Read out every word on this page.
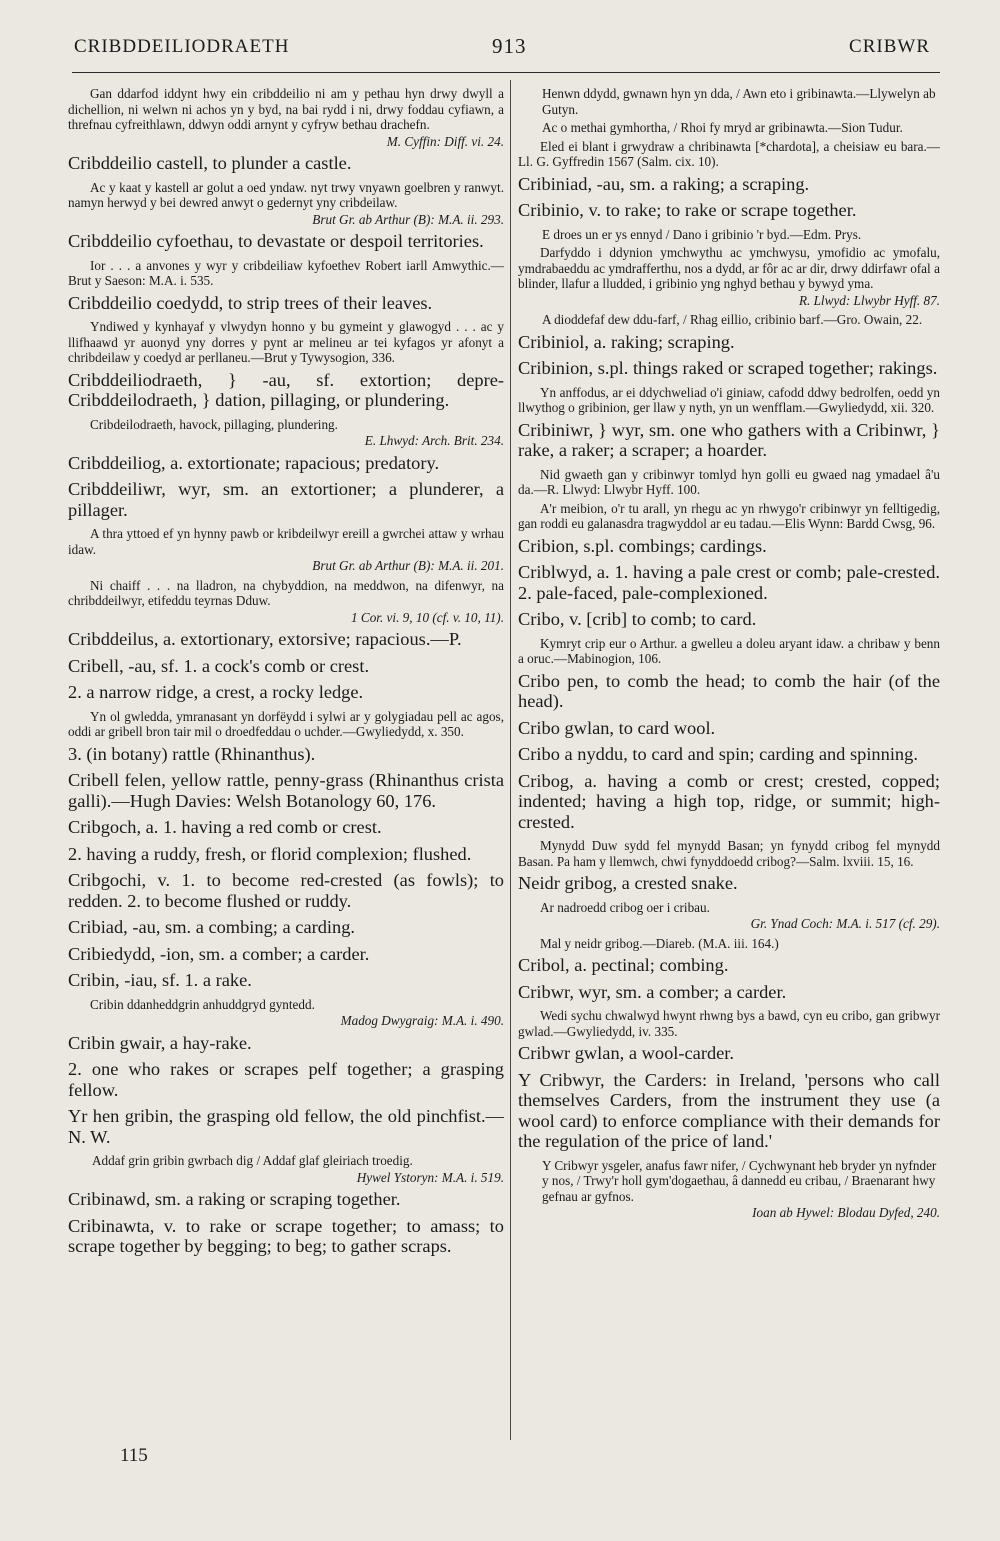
CRIBDDEILIODRAETH	913	CRIBWR

Gan ddarfod iddynt hwy ein cribddeilio ni am y pethau hyn drwy dwyll a dichellion, ni welwn ni achos yn y byd, na bai rydd i ni, drwy foddau cyfiawn, a threfnau cyfreithlawn, ddwyn oddi arnynt y cyfryw bethau drachefn.

M. Cyffin: Diff. vi. 24.

Cribddeilio castell, to plunder a castle.

Ac y kaat y kastell ar golut a oed yndaw. nyt trwy vnyawn goelbren y ranwyt. namyn herwyd y bei dewred anwyt o gedernyt yny cribdeilaw.

Brut Gr. ab Arthur (B): M.A. ii. 293.

Cribddeilio cyfoethau, to devastate or despoil territories.

Ior . . . a anvones y wyr y cribdeiliaw kyfoethev Robert iarll Amwythic.—Brut y Saeson: M.A. i. 535.

Cribddeilio coedydd, to strip trees of their leaves.

Yndiwed y kynhayaf y vlwydyn honno y bu gymeint y glawogyd . . . ac y llifhaawd yr auonyd yny dorres y pynt ar melineu ar tei kyfagos yr afonyt a chribdeilaw y coedyd ar perllaneu.—Brut y Tywysogion, 336.

Cribddeiliodraeth, } -au, sf. extortion; depre- Cribddeilodraeth, } dation, pillaging, or plundering.

Cribdeilodraeth, havock, pillaging, plundering.

E. Lhwyd: Arch. Brit. 234.

Cribddeiliog, a. extortionate; rapacious; predatory.

Cribddeiliwr, wyr, sm. an extortioner; a plunderer, a pillager.

A thra yttoed ef yn hynny pawb or kribdeilwyr ereill a gwrchei attaw y wrhau idaw.

Brut Gr. ab Arthur (B): M.A. ii. 201.

Ni chaiff . . . na lladron, na chybyddion, na meddwon, na difenwyr, na chribddeilwyr, etifeddu teyrnas Dduw.

1 Cor. vi. 9, 10 (cf. v. 10, 11).

Cribddeilus, a. extortionary, extorsive; rapacious.—P.

Cribell, -au, sf. 1. a cock's comb or crest.

2. a narrow ridge, a crest, a rocky ledge.

Yn ol gwledda, ymranasant yn dorfëydd i sylwi ar y golygiadau pell ac agos, oddi ar gribell bron tair mil o droedfeddau o uchder.—Gwyliedydd, x. 350.

3. (in botany) rattle (Rhinanthus).

Cribell felen, yellow rattle, penny-grass (Rhinanthus crista galli).—Hugh Davies: Welsh Botanology 60, 176.

Cribgoch, a. 1. having a red comb or crest.

2. having a ruddy, fresh, or florid complexion; flushed.

Cribgochi, v. 1. to become red-crested (as fowls); to redden. 2. to become flushed or ruddy.

Cribiad, -au, sm. a combing; a carding.

Cribiedydd, -ion, sm. a comber; a carder.

Cribin, -iau, sf. 1. a rake.

Cribin ddanheddgrin anhuddgryd gyntedd.

Madog Dwygraig: M.A. i. 490.

Cribin gwair, a hay-rake.

2. one who rakes or scrapes pelf together; a grasping fellow.

Yr hen gribin, the grasping old fellow, the old pinchfist.—N. W.

Addaf grin gribin gwrbach dig / Addaf glaf gleiriach troedig.

Hywel Ystoryn: M.A. i. 519.

Cribinawd, sm. a raking or scraping together.

Cribinawta, v. to rake or scrape together; to amass; to scrape together by begging; to beg; to gather scraps.

Henwn ddydd, gwnawn hyn yn dda, / Awn eto i gribinawta.—Llywelyn ab Gutyn.

Ac o methai gymhortha, / Rhoi fy mryd ar gribinawta.—Sion Tudur.

Eled ei blant i grwydraw a chribinawta [*chardota], a cheisiaw eu bara.—Ll. G. Gyffredin 1567 (Salm. cix. 10).

Cribiniad, -au, sm. a raking; a scraping.

Cribinio, v. to rake; to rake or scrape together.

E droes un er ys ennyd / Dano i gribinio 'r byd.—Edm. Prys.

Darfyddo i ddynion ymchwythu ac ymchwysu, ymofidio ac ymofalu, ymdrabaeddu ac ymdrafferthu, nos a dydd, ar fôr ac ar dir, drwy ddirfawr ofal a blinder, llafur a lludded, i gribinio yng nghyd bethau y bywyd yma.

R. Llwyd: Llwybr Hyff. 87.

A dioddefaf dew ddu-farf, / Rhag eillio, cribinio barf.—Gro. Owain, 22.

Cribiniol, a. raking; scraping.

Cribinion, s.pl. things raked or scraped together; rakings.

Yn anffodus, ar ei ddychweliad o'i giniaw, cafodd ddwy bedrolfen, oedd yn llwythog o gribinion, ger llaw y nyth, yn un wenfflam.—Gwyliedydd, xii. 320.

Cribiniwr, } wyr, sm. one who gathers with a Cribinwr, } rake, a raker; a scraper; a hoarder.

Nid gwaeth gan y cribinwyr tomlyd hyn golli eu gwaed nag ymadael â'u da.—R. Llwyd: Llwybr Hyff. 100.

A'r meibion, o'r tu arall, yn rhegu ac yn rhwygo'r cribinwyr yn felltigedig, gan roddi eu galanasdra tragwyddol ar eu tadau.—Elis Wynn: Bardd Cwsg, 96.

Cribion, s.pl. combings; cardings.

Criblwyd, a. 1. having a pale crest or comb; pale-crested. 2. pale-faced, pale-complexioned.

Cribo, v. [crib] to comb; to card.

Kymryt crip eur o Arthur. a gwelleu a doleu aryant idaw. a chribaw y benn a oruc.—Mabinogion, 106.

Cribo pen, to comb the head; to comb the hair (of the head).

Cribo gwlan, to card wool.

Cribo a nyddu, to card and spin; carding and spinning.

Cribog, a. having a comb or crest; crested, copped; indented; having a high top, ridge, or summit; high-crested.

Mynydd Duw sydd fel mynydd Basan; yn fynydd cribog fel mynydd Basan. Pa ham y llemwch, chwi fynyddoedd cribog?—Salm. lxviii. 15, 16.

Neidr gribog, a crested snake.

Ar nadroedd cribog oer i cribau.

Gr. Ynad Coch: M.A. i. 517 (cf. 29).

Mal y neidr gribog.—Diareb. (M.A. iii. 164.)

Cribol, a. pectinal; combing.

Cribwr, wyr, sm. a comber; a carder.

Wedi sychu chwalwyd hwynt rhwng bys a bawd, cyn eu cribo, gan gribwyr gwlad.—Gwyliedydd, iv. 335.

Cribwr gwlan, a wool-carder.

Y Cribwyr, the Carders: in Ireland, 'persons who call themselves Carders, from the instrument they use (a wool card) to enforce compliance with their demands for the regulation of the price of land.'

Y Cribwyr ysgeler, anafus fawr nifer, / Cychwynant heb bryder yn nyfnder y nos, / Trwy'r holl gym'dogaethau, â dannedd eu cribau, / Braenarant hwy gefnau ar gyfnos.

Ioan ab Hywel: Blodau Dyfed, 240.

115
